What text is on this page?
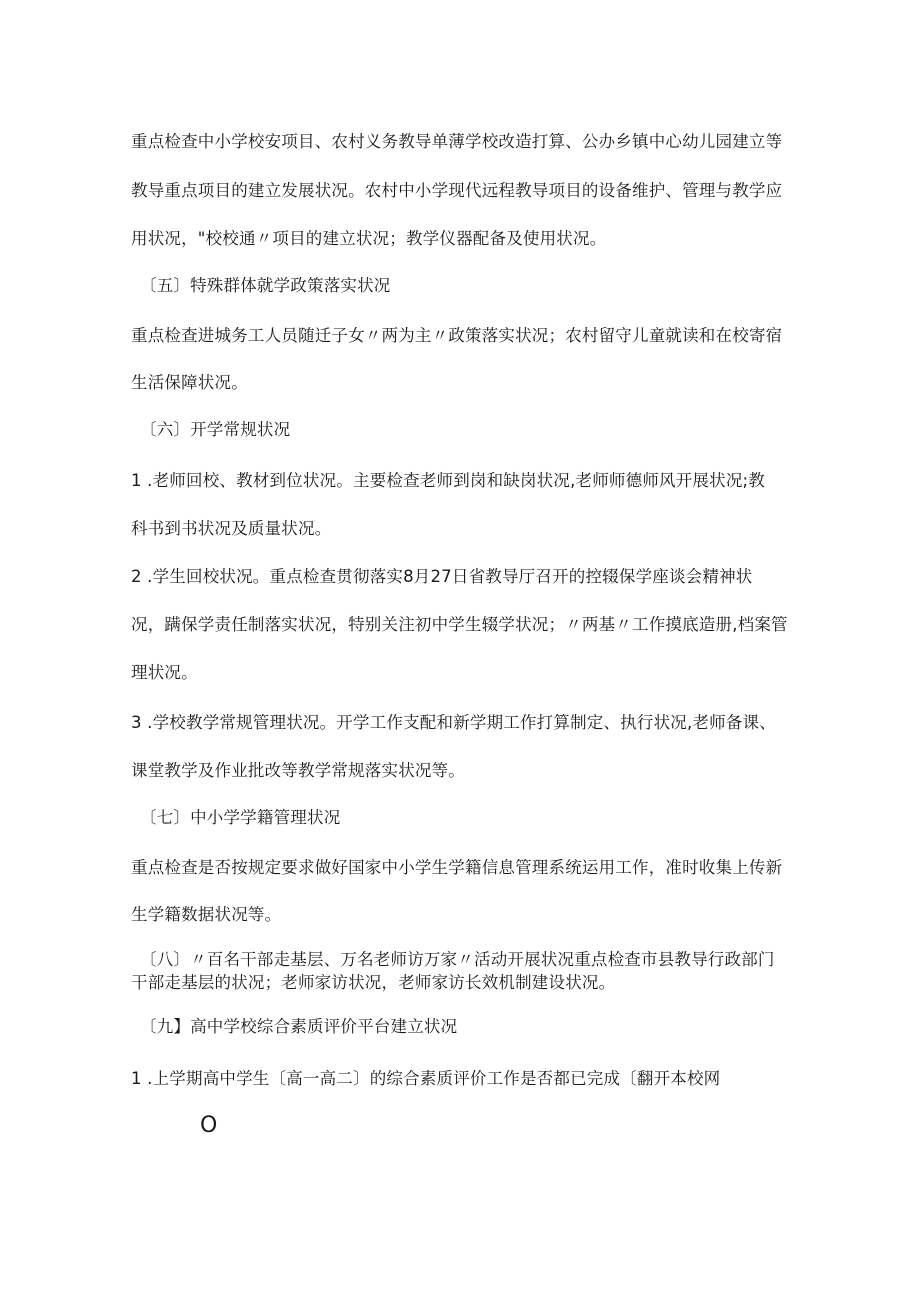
重点检查中小学校安项目、农村义务教导单薄学校改造打算、公办乡镇中心幼儿园建立等
教导重点项目的建立发展状况。农村中小学现代远程教导项目的设备维护、管理与教学应
用状况，"校校通〃项目的建立状况；教学仪器配备及使用状况。
〔五〕特殊群体就学政策落实状况
重点检查进城务工人员随迁子女〃两为主〃政策落实状况；农村留守儿童就读和在校寄宿
生活保障状况。
〔六〕开学常规状况
1 .老师回校、教材到位状况。主要检查老师到岗和缺岗状况,老师师德师风开展状况;教
科书到书状况及质量状况。
2 .学生回校状况。重点检查贯彻落实8月27日省教导厅召开的控辍保学座谈会精神状
况，蹒保学责任制落实状况，特别关注初中学生辍学状况；〃两基〃工作摸底造册,档案管
理状况。
3 .学校教学常规管理状况。开学工作支配和新学期工作打算制定、执行状况,老师备课、
课堂教学及作业批改等教学常规落实状况等。
〔七〕中小学学籍管理状况
重点检查是否按规定要求做好国家中小学生学籍信息管理系统运用工作，准时收集上传新
生学籍数据状况等。
〔八〕〃百名干部走基层、万名老师访万家〃活动开展状况重点检查市县教导行政部门
干部走基层的状况；老师家访状况，老师家访长效机制建设状况。
〔九】高中学校综合素质评价平台建立状况
1 .上学期高中学生〔高一高二〕的综合素质评价工作是否都已完成〔翻开本校网
O
